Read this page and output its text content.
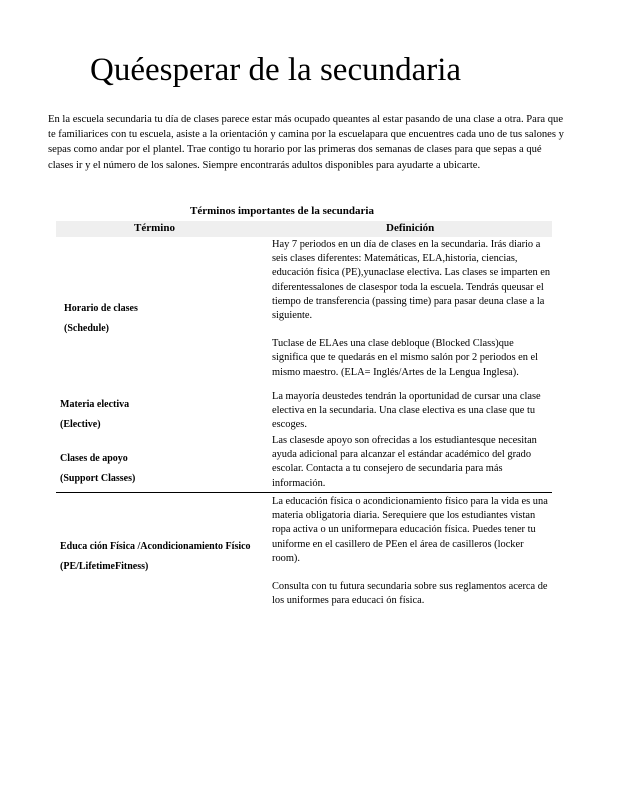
Quéesperar de la secundaria
En la escuela secundaria tu día de clases parece estar más ocupado queantes al estar pasando de una clase a otra. Para que te familiarices con tu escuela, asiste a la orientación y camina por la escuelapara que encuentres cada uno de tus salones y sepas como andar por el plantel. Trae contigo tu horario por las primeras dos semanas de clases para que sepas a qué clases ir y el número de los salones. Siempre encontrarás adultos disponibles para ayudarte a ubicarte.
Términos importantes de la secundaria
Término	Definición
Horario de clases
(Schedule)

Hay 7 periodos en un día de clases en la secundaria. Irás diario a seis clases diferentes: Matemáticas, ELA,historia, ciencias, educación física (PE),yunaclase electiva. Las clases se imparten en diferentessalones de clasespor toda la escuela. Tendrás queusar el tiempo de transferencia (passing time) para pasar deuna clase a la siguiente.

Tuclase de ELAes una clase debloque (Blocked Class)que significa que te quedarás en el mismo salón por 2 periodos en el mismo maestro. (ELA= Inglés/Artes de la Lengua Inglesa).

Materia electiva
(Elective)

La mayoría deustedes tendrán la oportunidad de cursar una clase electiva en la secundaria. Una clase electiva es una clase que tu escoges.

Clases de apoyo
(Support Classes)

Las clasesde apoyo son ofrecidas a los estudiantesque necesitan ayuda adicional para alcanzar el estándar académico del grado escolar. Contacta a tu consejero de secundaria para más información.

Educa ción Física /Acondicionamiento Físico
(PE/LifetimeFitness)

La educación física o acondicionamiento físico para la vida es una materia obligatoria diaria. Serequiere que los estudiantes vistan ropa activa o un uniformepara educación física. Puedes tener tu uniforme en el casillero de PEen el área de casilleros (locker room).

Consulta con tu futura secundaria sobre sus reglamentos acerca de los uniformes para educaci ón física.
